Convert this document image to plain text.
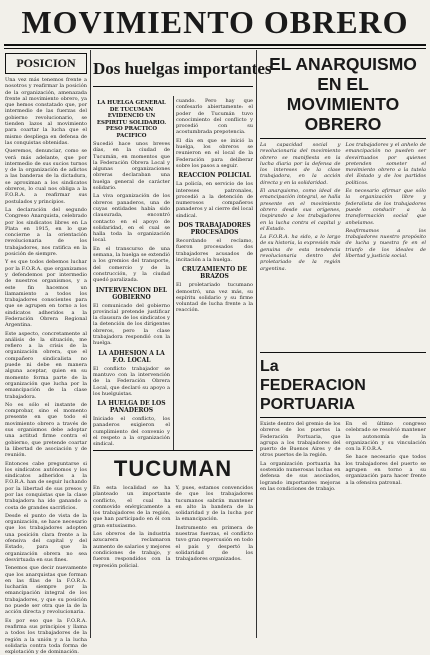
MOVIMIENTO OBRERO
POSICION

Una vez más tenemos frente a nosotros y reafirmar la posición de la organización, amenazada frente al movimiento obrero, ya que hemos constatado que, por intermedio de las fuerzas del gobierno revolucionario, se tienden lazos al movimiento para coartar la lucha que el mismo despliega en defensa de las conquistas obtenidas.

Queremos, denunciar, como se verá más adelante, que por intermedio de sus sucios turnos y de la organización de adictos a las banderas de la dictadura, se aproximan a los sindicatos obreros, lo cual nos obliga a la F.O.R.A. a reafirmar sus postulados y principios.

La declaración del segundo Congreso Anarquista, celebrado por los sindicatos libres en La Plata en 1915, en lo que concierne a la orientación revolucionaria de los trabajadores, nos ratifica en la posición de siempre.

Y es que todos debemos luchar por la F.O.R.A. que organizamos y defendemos por intermedio de nuestros organismos, y a este fin hacemos un llamamiento a todos los trabajadores conscientes para que se agrupen en torno a los sindicatos adheridos a la Federación Obrera Regional Argentina.

Este aspecto, concretamente al análisis de la situación, me refiero a la crisis de la organización obrera, que el compañero sindicalista no puede ni debe en manera alguna aceptar, quien en su momento forma parte de la organización que lucha por la emancipación de la clase trabajadora.

No es sólo el instante de comprobar, sino el momento presente en que todo el movimiento obrero a través de sus organismos debe adoptar una actitud firme contra el gobierno, que pretende coartar la libertad de asociación y de reunión.

Entonces cabe preguntarse si los sindicatos autónomos y los sindicatos adheridos a la F.O.R.A. han de seguir luchando por la libertad de sus presos y por las conquistas que la clase trabajadora ha ido ganando a costa de grandes sacrificios.

Desde el punto de vista de la organización, se hace necesario que los trabajadores adopten una posición clara frente a la ofensiva del capital y del Estado, para que la organización obrera no sea desvirtuada en sus fines.

Tenemos que decir nuevamente que los anarquistas que forman en las filas de la F.O.R.A. lucharán siempre por la emancipación integral de los trabajadores, y que su posición no puede ser otra que la de la acción directa y revolucionaria.

Es por eso que la F.O.R.A. reafirma sus principios y llama a todos los trabajadores de la región a la unión y a la lucha solidaria contra toda forma de explotación y de dominación.

Dos huelgas importantes
LA HUELGA GENERAL DE TUCUMAN EVIDENCIO UN ESPIRITU SOLIDARIO. PESO PRACTICO PACIFICO

Sucedió hace unos breves días, en la ciudad de Tucumán, en momentos que la Federación Obrera Local y algunas organizaciones obreras declaraban una huelga general de carácter solidario.

La viva organización de los obreros panaderos, una de cuyas entidades había sido clausurada, encontró contacto en el apoyo de solidaridad, en el cual se halla toda la organización local.

En el transcurso de una semana, la huelga se extendió a los gremios del transporte, del comercio y de la construcción, y la ciudad quedó paralizada.

INTERVENCION DEL GOBIERNO

El comunicado del gobierno provincial pretende justificar la clausura de los sindicatos y la detención de los dirigentes obreros, pero la clase trabajadora respondió con la huelga.

LA ADHESION A LA F.O. LOCAL

El conflicto trabajador se mantuvo con la intervención de la Federación Obrera Local, que declaró su apoyo a los huelguistas.

LA HUELGA DE LOS PANADEROS

Iniciado el conflicto, los panaderos exigieron el cumplimiento del convenio y el respeto a la organización sindical.

cuando. Pero hay que confesarlo abiertamente: el poder de Tucumán tuvo conocimiento del conflicto y procedió con su acostumbrada prepotencia.

El día en que se inició la huelga, los obreros se reunieron en el local de la Federación para deliberar sobre los pasos a seguir.

REACCION POLICIAL

La policía, en servicio de los intereses patronales, procedió a la detención de numerosos compañeros panaderos y al cierre del local sindical.

DOS TRABAJADORES PROCESADOS

Recordando el reclamo, fueron procesados dos trabajadores acusados de incitación a la huelga.

CRUZAMIENTO DE BRAZOS

El proletariado tucumano demostró, una vez más, su espíritu solidario y su firme voluntad de lucha frente a la reacción.

TUCUMAN

En esta localidad se ha planteado un importante conflicto, el cual ha conmovido enérgicamente a los trabajadores de la región, que han participado en él con gran entusiasmo.

Los obreros de la industria azucarera reclamaron aumento de salarios y mejores condiciones de trabajo, y fueron respondidos con la represión policial.

Y, pues, estamos convencidos de que los trabajadores tucumanos sabrán mantener en alto la bandera de la solidaridad y de la lucha por la emancipación.

Instrumento en primera de nuestras fuerzas, el conflicto tuvo gran repercusión en todo el país y despertó la solidaridad de los trabajadores organizados.

EL ANARQUISMO EN EL MOVIMIENTO OBRERO

La capacidad social y revolucionaria del movimiento obrero se manifiesta en la lucha diaria por la defensa de los intereses de la clase trabajadora, en la acción directa y en la solidaridad.

El anarquismo, como ideal de emancipación integral, se halla presente en el movimiento obrero desde sus orígenes, inspirando a los trabajadores en la lucha contra el capital y el Estado.

La F.O.R.A. ha sido, a lo largo de su historia, la expresión más genuina de esta tendencia revolucionaria dentro del proletariado de la región argentina.

Los trabajadores y el anhelo de emancipación no pueden ser desvirtuados por quienes pretenden someter el movimiento obrero a la tutela del Estado y de los partidos políticos.

Es necesario afirmar que sólo la organización libre y federalista de los trabajadores puede conducir a la transformación social que anhelamos.

Reafirmamos a los trabajadores nuestro propósito de lucha y nuestra fe en el triunfo de los ideales de libertad y justicia social.

La FEDERACION PORTUARIA

Existe dentro del gremio de los obreros de los puertos la Federación Portuaria, que agrupa a los trabajadores del puerto de Buenos Aires y de otros puertos de la región.

La organización portuaria ha sostenido numerosas luchas en defensa de sus asociados, logrando importantes mejoras en las condiciones de trabajo.

En el último congreso celebrado se resolvió mantener la autonomía de la organización y su vinculación con la F.O.R.A.

Se hace necesario que todos los trabajadores del puerto se agrupen en torno a su organización para hacer frente a la ofensiva patronal.
